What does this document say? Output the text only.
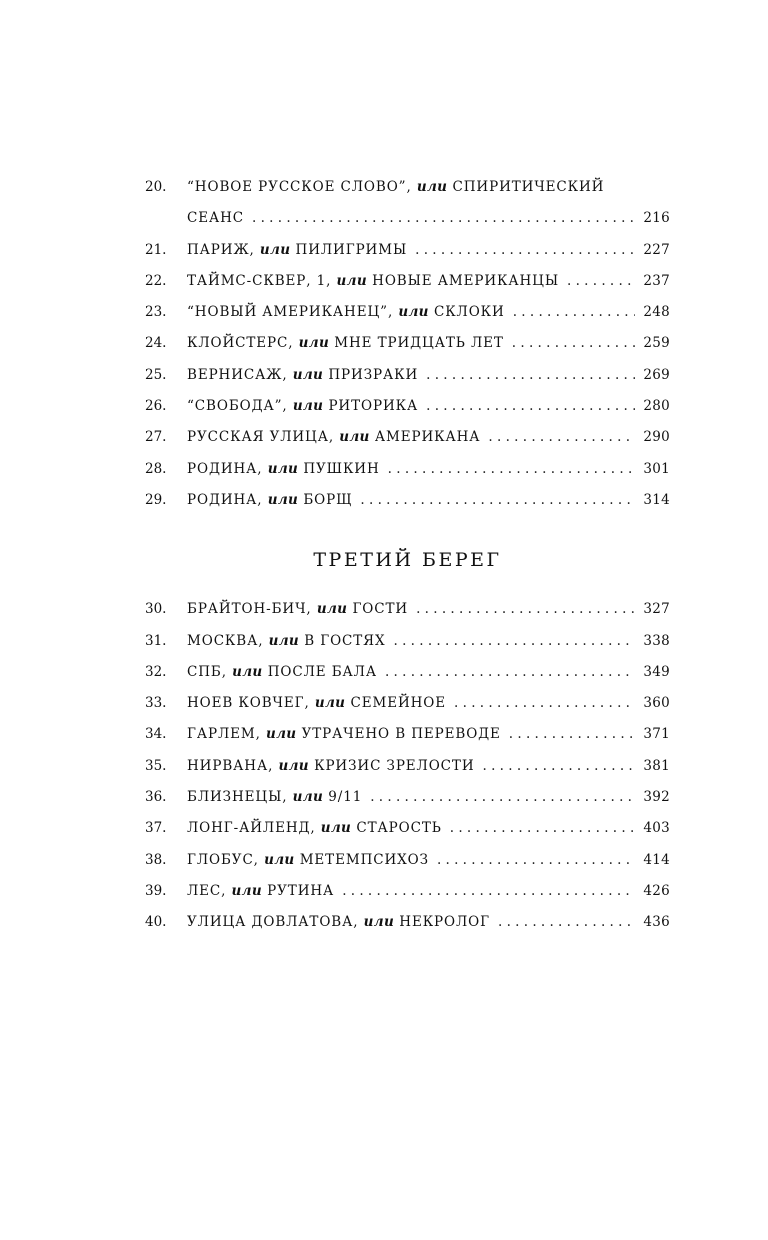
20.	“НОВОЕ РУССКОЕ СЛОВО”, или СПИРИТИЧЕСКИЙ
СЕАНС . . .	216
21.	ПАРИЖ, или ПИЛИГРИМЫ . . .	227
22.	ТАЙМС-СКВЕР, 1, или НОВЫЕ АМЕРИКАНЦЫ . . .	237
23.	“НОВЫЙ АМЕРИКАНЕЦ”, или СКЛОКИ . . .	248
24.	КЛОЙСТЕРС, или МНЕ ТРИДЦАТЬ ЛЕТ . . .	259
25.	ВЕРНИСАЖ, или ПРИЗРАКИ . . .	269
26.	“СВОБОДА”, или РИТОРИКА . . .	280
27.	РУССКАЯ УЛИЦА, или АМЕРИКАНА . . .	290
28.	РОДИНА, или ПУШКИН . . .	301
29.	РОДИНА, или БОРЩ . . .	314
ТРЕТИЙ БЕРЕГ
30.	БРАЙТОН-БИЧ, или ГОСТИ . . .	327
31.	МОСКВА, или В ГОСТЯХ . . .	338
32.	СПБ, или ПОСЛЕ БАЛА . . .	349
33.	НОЕВ КОВЧЕГ, или СЕМЕЙНОЕ . . .	360
34.	ГАРЛЕМ, или УТРАЧЕНО В ПЕРЕВОДЕ . . .	371
35.	НИРВАНА, или КРИЗИС ЗРЕЛОСТИ . . .	381
36.	БЛИЗНЕЦЫ, или 9/11 . . .	392
37.	ЛОНГ-АЙЛЕНД, или СТАРОСТЬ . . .	403
38.	ГЛОБУС, или МЕТЕМПСИХОЗ . . .	414
39.	ЛЕС, или РУТИНА . . .	426
40.	УЛИЦА ДОВЛАТОВА, или НЕКРОЛОГ . . .	436
